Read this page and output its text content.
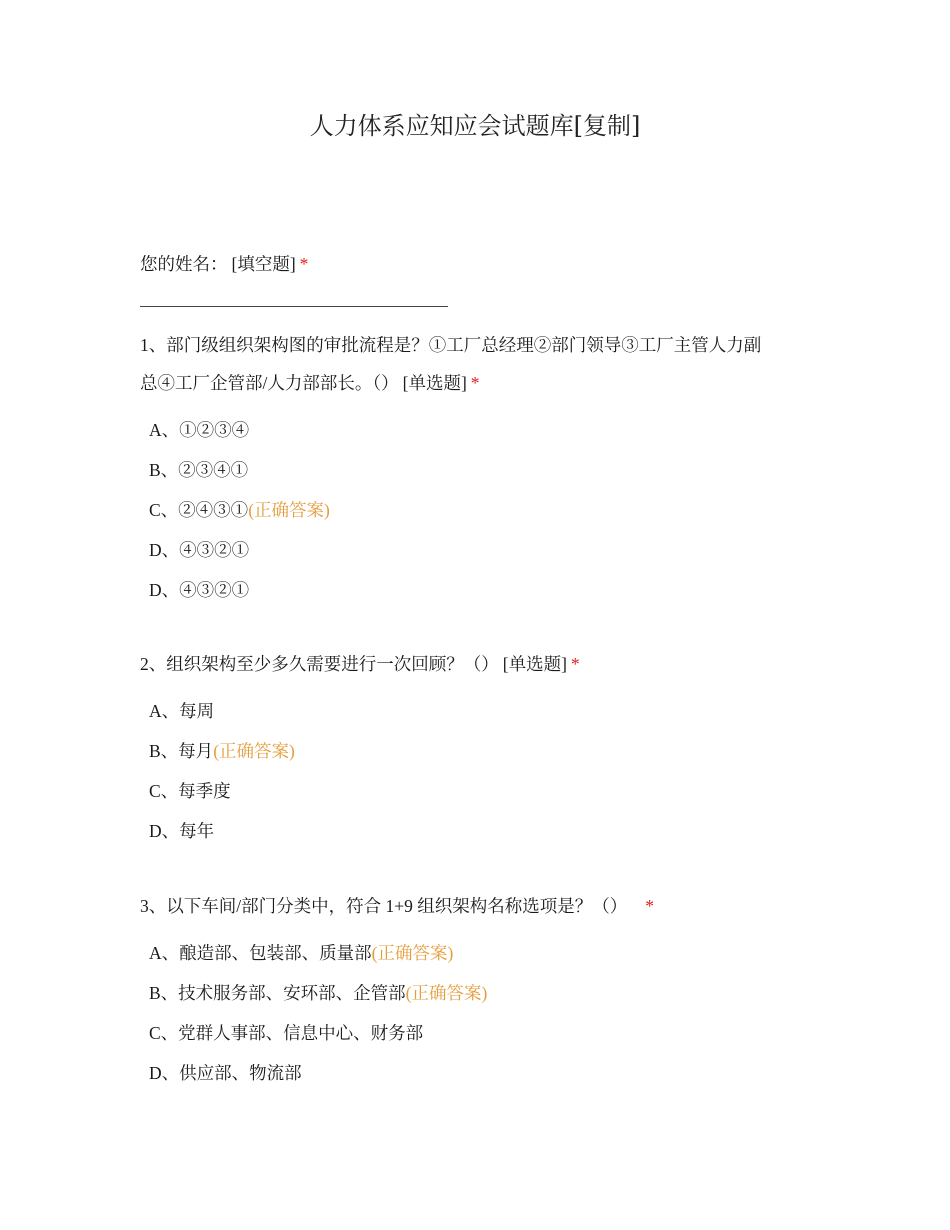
人力体系应知应会试题库[复制]
您的姓名： [填空题] *
1、部门级组织架构图的审批流程是？①工厂总经理②部门领导③工厂主管人力副
总④工厂企管部/人力部部长。（） [单选题] *
A、①②③④
B、②③④①
C、②④③①(正确答案)
D、④③②①
D、④③②①
2、组织架构至少多久需要进行一次回顾？（） [单选题] *
A、每周
B、每月(正确答案)
C、每季度
D、每年
3、以下车间/部门分类中，符合 1+9 组织架构名称选项是？（） *
A、酿造部、包装部、质量部(正确答案)
B、技术服务部、安环部、企管部(正确答案)
C、党群人事部、信息中心、财务部
D、供应部、物流部
